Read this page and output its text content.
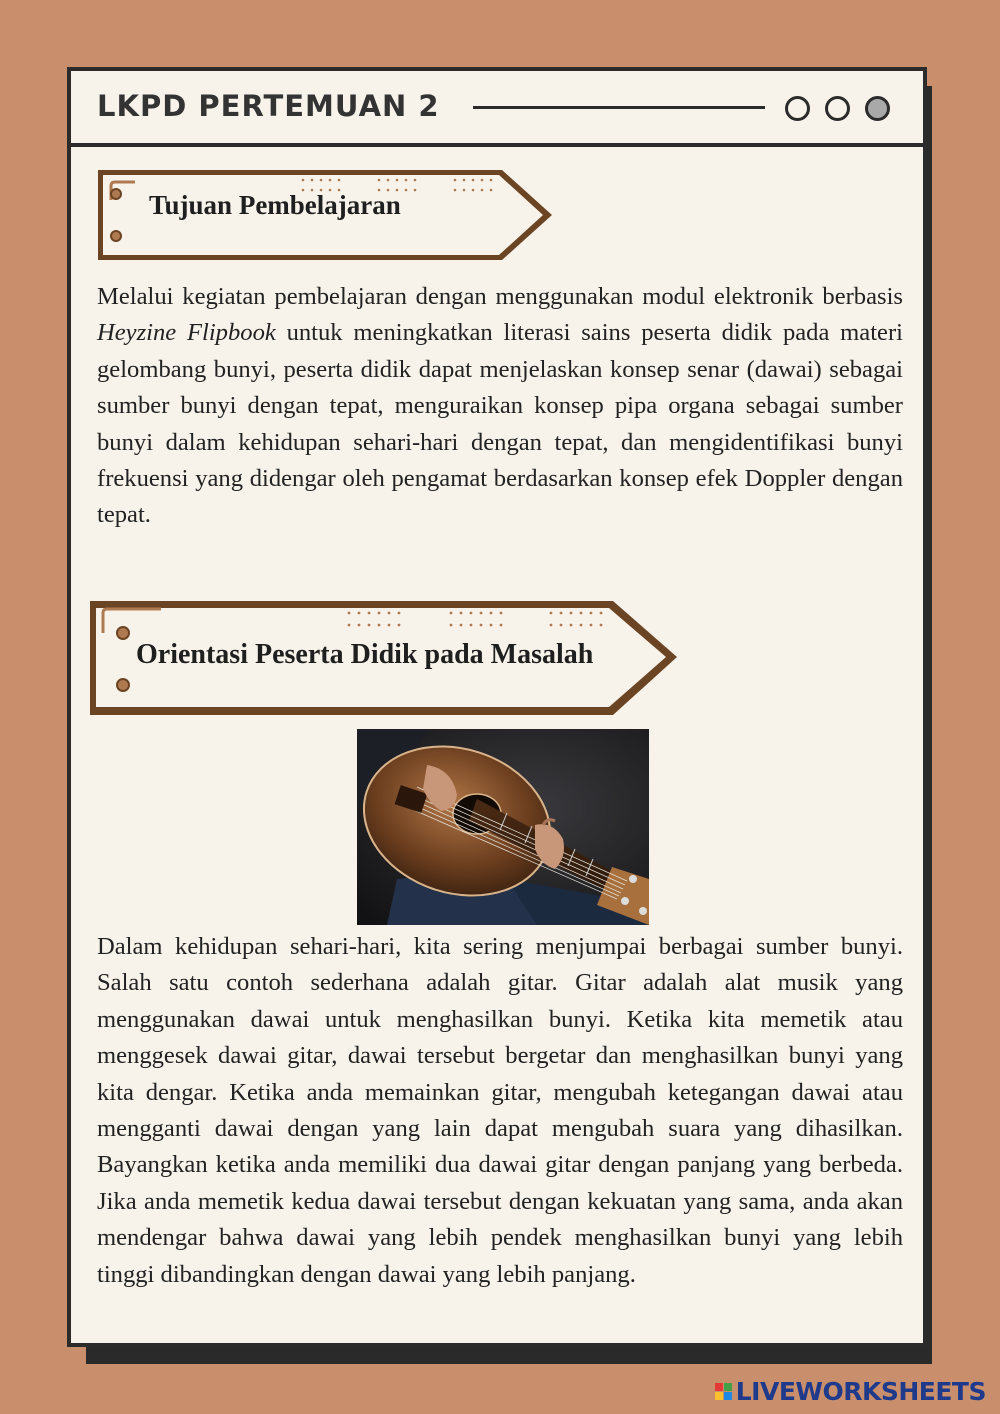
LKPD PERTEMUAN 2
Tujuan Pembelajaran

Melalui kegiatan pembelajaran dengan menggunakan modul elektronik berbasis Heyzine Flipbook untuk meningkatkan literasi sains peserta didik pada materi gelombang bunyi, peserta didik dapat menjelaskan konsep senar (dawai) sebagai sumber bunyi dengan tepat, menguraikan konsep pipa organa sebagai sumber bunyi dalam kehidupan sehari-hari dengan tepat, dan mengidentifikasi bunyi frekuensi yang didengar oleh pengamat berdasarkan konsep efek Doppler dengan tepat.

Orientasi Peserta Didik pada Masalah

Dalam kehidupan sehari-hari, kita sering menjumpai berbagai sumber bunyi. Salah satu contoh sederhana adalah gitar. Gitar adalah alat musik yang menggunakan dawai untuk menghasilkan bunyi. Ketika kita memetik atau menggesek dawai gitar, dawai tersebut bergetar dan menghasilkan bunyi yang kita dengar. Ketika anda memainkan gitar, mengubah ketegangan dawai atau mengganti dawai dengan yang lain dapat mengubah suara yang dihasilkan. Bayangkan ketika anda memiliki dua dawai gitar dengan panjang yang berbeda. Jika anda memetik kedua dawai tersebut dengan kekuatan yang sama, anda akan mendengar bahwa dawai yang lebih pendek menghasilkan bunyi yang lebih tinggi dibandingkan dengan dawai yang lebih panjang.

LIVEWORKSHEETS
